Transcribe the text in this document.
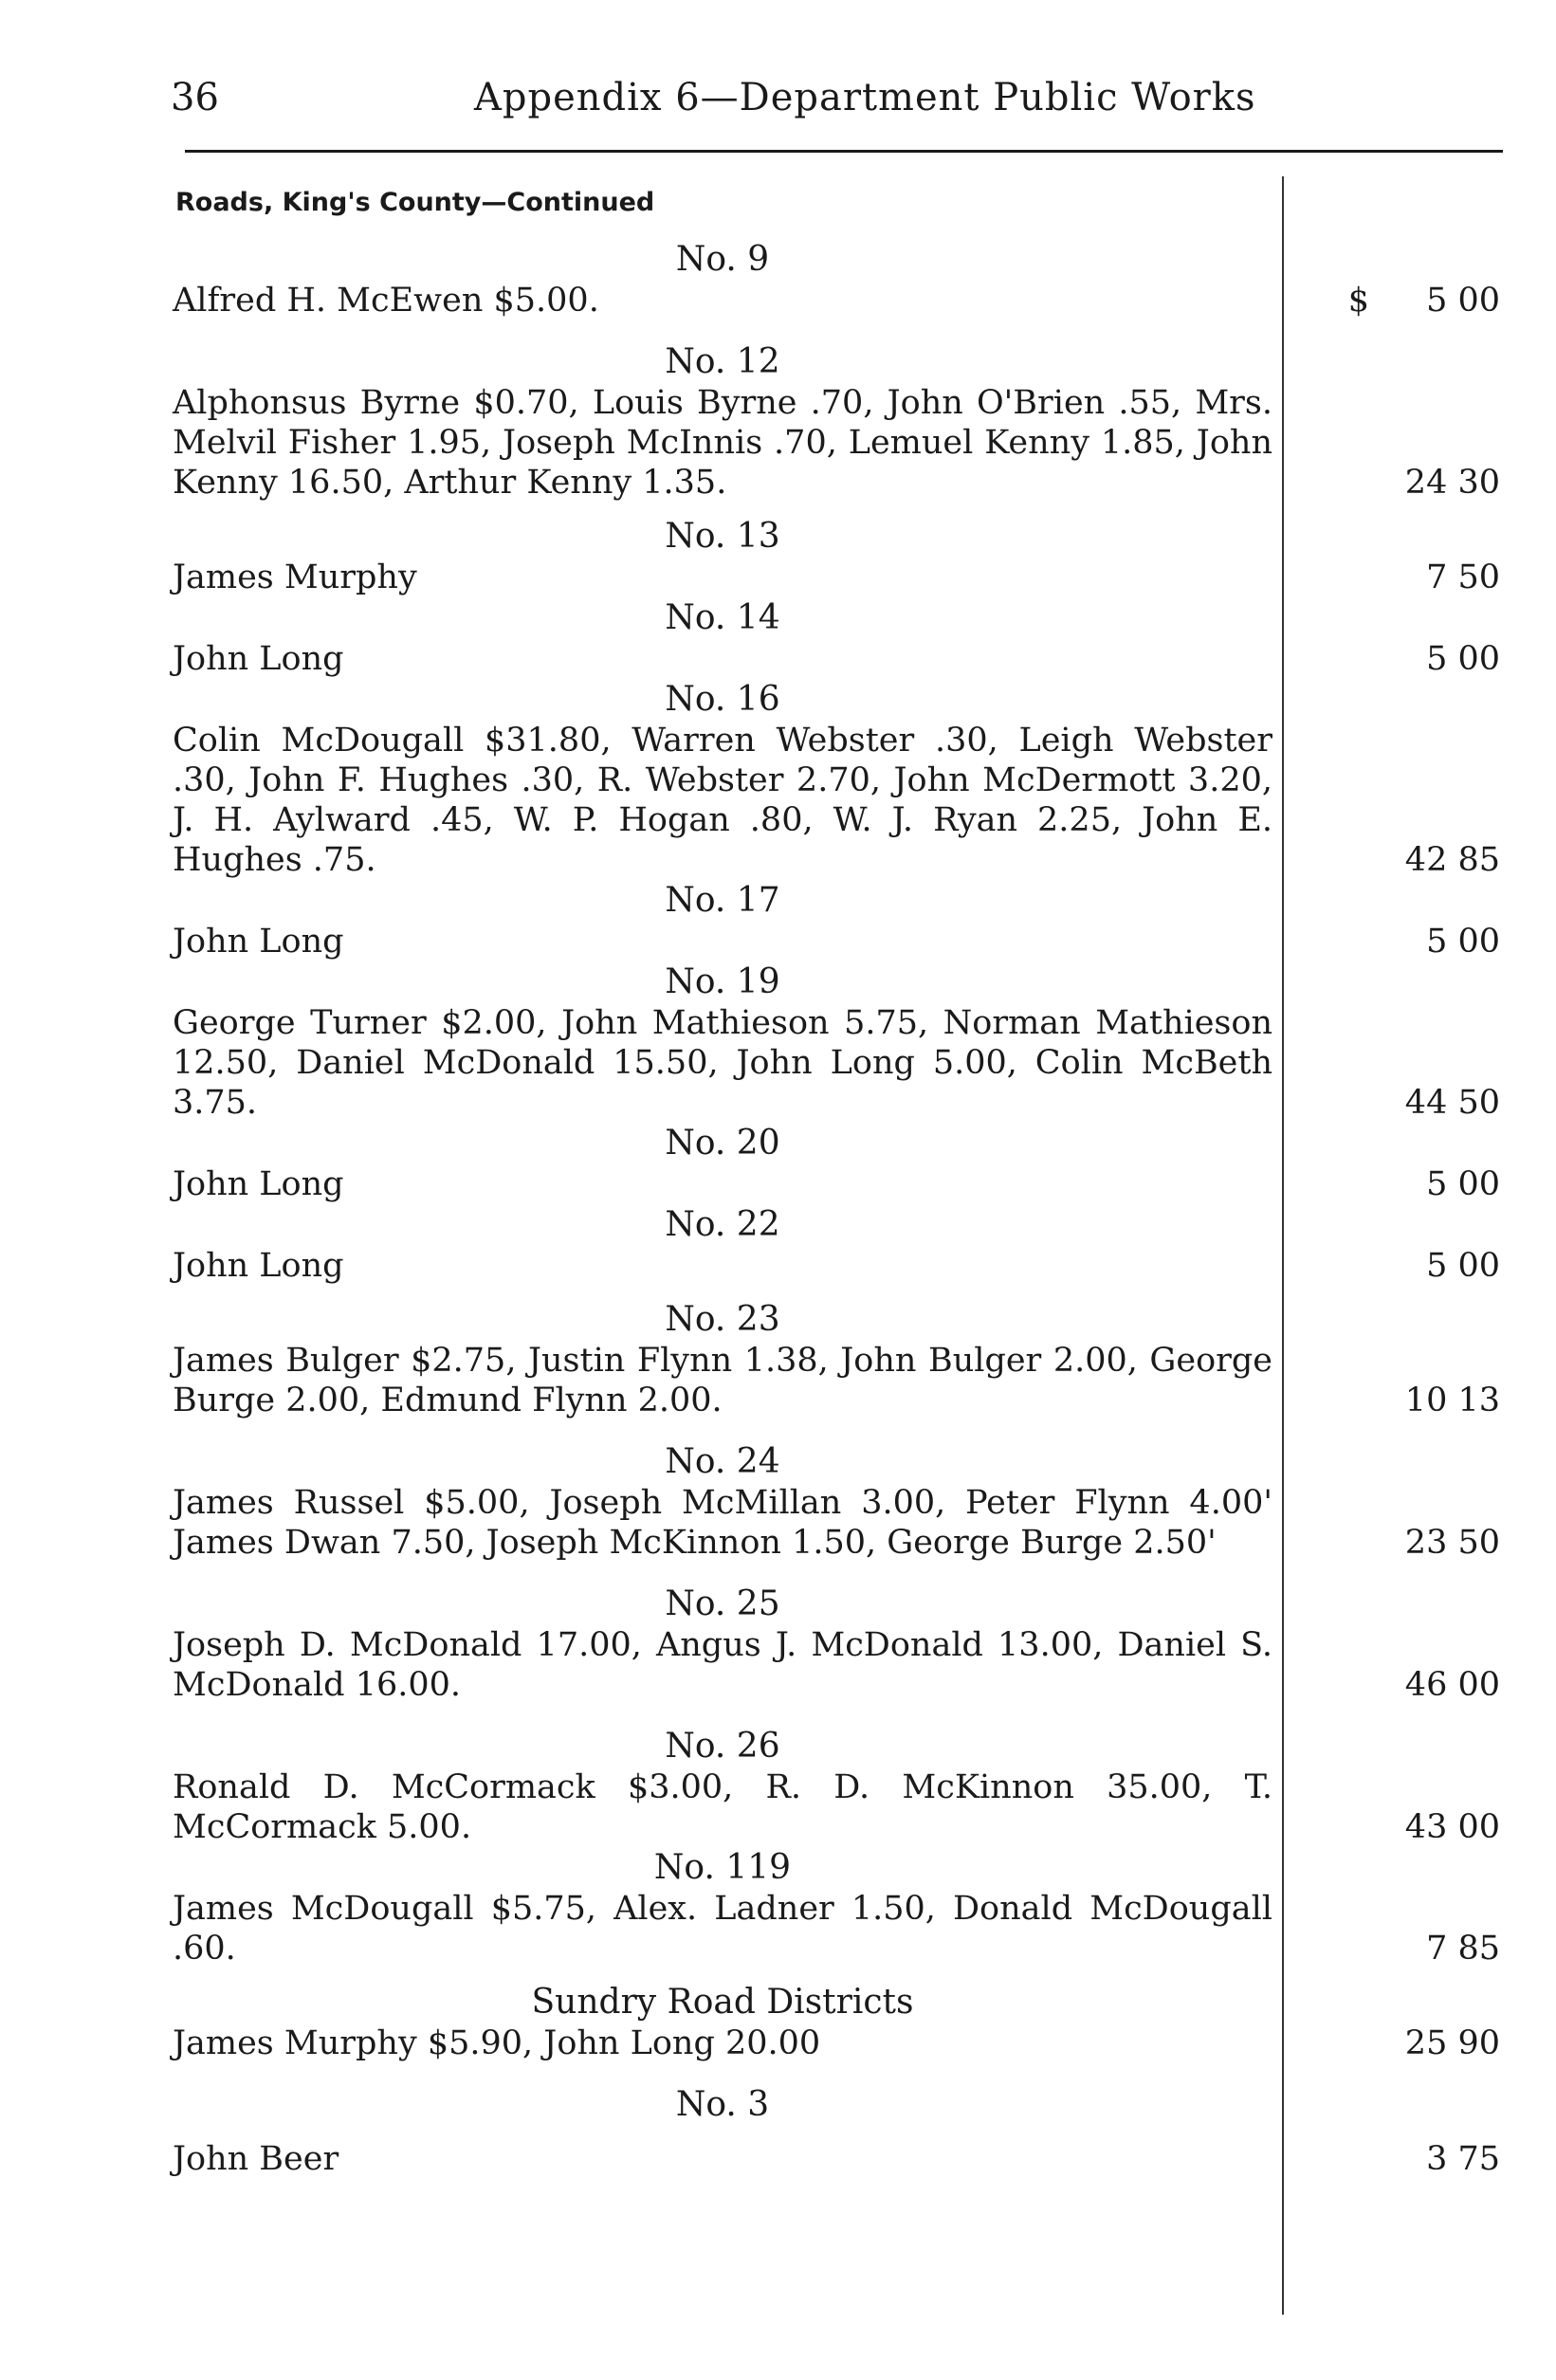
36	Appendix 6—Department Public Works
Roads, King's County—Continued
No. 9
Alfred H. McEwen $5.00.	$ 5 00
No. 12
Alphonsus Byrne $0.70, Louis Byrne .70, John O'Brien .55, Mrs. Melvil Fisher 1.95, Joseph McInnis .70, Lemuel Kenny 1.85, John Kenny 16.50, Arthur Kenny 1.35.	24 30
No. 13
James Murphy	7 50
No. 14
John Long	5 00
No. 16
Colin McDougall $31.80, Warren Webster .30, Leigh Webster .30, John F. Hughes .30, R. Webster 2.70, John McDermott 3.20, J. H. Aylward .45, W. P. Hogan .80, W. J. Ryan 2.25, John E. Hughes .75.	42 85
No. 17
John Long	5 00
No. 19
George Turner $2.00, John Mathieson 5.75, Norman Mathieson 12.50, Daniel McDonald 15.50, John Long 5.00, Colin McBeth 3.75.	44 50
No. 20
John Long	5 00
No. 22
John Long	5 00
No. 23
James Bulger $2.75, Justin Flynn 1.38, John Bulger 2.00, George Burge 2.00, Edmund Flynn 2.00.	10 13
No. 24
James Russel $5.00, Joseph McMillan 3.00, Peter Flynn 4.00' James Dwan 7.50, Joseph McKinnon 1.50, George Burge 2.50'	23 50
No. 25
Joseph D. McDonald 17.00, Angus J. McDonald 13.00, Daniel S. McDonald 16.00.	46 00
No. 26
Ronald D. McCormack $3.00, R. D. McKinnon 35.00, T. McCormack 5.00.	43 00
No. 119
James McDougall $5.75, Alex. Ladner 1.50, Donald McDougall .60.	7 85
Sundry Road Districts
James Murphy $5.90, John Long 20.00	25 90
No. 3
John Beer	3 75
